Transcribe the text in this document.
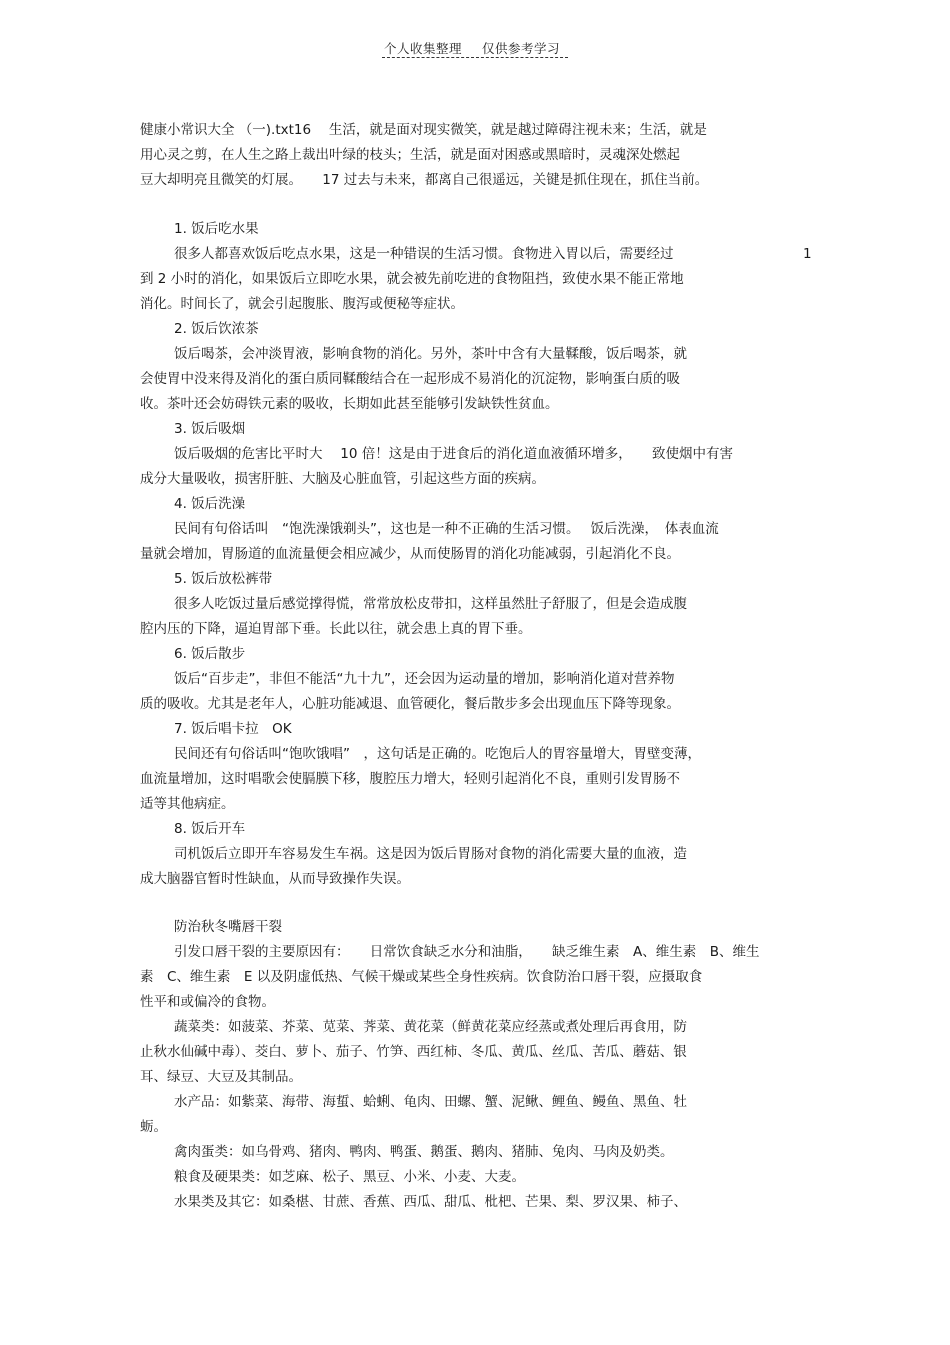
个人收集整理 仅供参考学习
健康小常识大全 （一).txt16　 生活，就是面对现实微笑，就是越过障碍注视未来；生活，就是
用心灵之剪，在人生之路上裁出叶绿的枝头；生活，就是面对困惑或黑暗时，灵魂深处燃起
豆大却明亮且微笑的灯展。　　17 过去与未来，都离自己很遥远，关键是抓住现在，抓住当前。
1. 饭后吃水果
很多人都喜欢饭后吃点水果，这是一种错误的生活习惯。食物进入胃以后，需要经过	1
到 2 小时的消化，如果饭后立即吃水果，就会被先前吃进的食物阻挡，致使水果不能正常地
消化。时间长了，就会引起腹胀、腹泻或便秘等症状。
2. 饭后饮浓茶
饭后喝茶，会冲淡胃液，影响食物的消化。另外，茶叶中含有大量鞣酸，饭后喝茶，就
会使胃中没来得及消化的蛋白质同鞣酸结合在一起形成不易消化的沉淀物，影响蛋白质的吸
收。茶叶还会妨碍铁元素的吸收，长期如此甚至能够引发缺铁性贫血。
3. 饭后吸烟
饭后吸烟的危害比平时大　 10 倍！这是由于进食后的消化道血液循环增多，　　致使烟中有害
成分大量吸收，损害肝脏、大脑及心脏血管，引起这些方面的疾病。
4. 饭后洗澡
民间有句俗话叫　“饱洗澡饿剃头”，这也是一种不正确的生活习惯。　 饭后洗澡，　体表血流
量就会增加，胃肠道的血流量便会相应减少，从而使肠胃的消化功能减弱，引起消化不良。
5. 饭后放松裤带
很多人吃饭过量后感觉撑得慌，常常放松皮带扣，这样虽然肚子舒服了，但是会造成腹
腔内压的下降，逼迫胃部下垂。长此以往，就会患上真的胃下垂。
6. 饭后散步
饭后“百步走”，非但不能活“九十九”，还会因为运动量的增加，影响消化道对营养物
质的吸收。尤其是老年人，心脏功能减退、血管硬化，餐后散步多会出现血压下降等现象。
7. 饭后唱卡拉　OK
民间还有句俗话叫“饱吹饿唱”　，这句话是正确的。吃饱后人的胃容量增大，胃壁变薄，
血流量增加，这时唱歌会使膈膜下移，腹腔压力增大，轻则引起消化不良，重则引发胃肠不
适等其他病症。
8. 饭后开车
司机饭后立即开车容易发生车祸。这是因为饭后胃肠对食物的消化需要大量的血液，造
成大脑器官暂时性缺血，从而导致操作失误。
防治秋冬嘴唇干裂
引发口唇干裂的主要原因有：　　日常饮食缺乏水分和油脂，　　缺乏维生素　A、维生素　B、维生
素　C、维生素　E 以及阴虚低热、气候干燥或某些全身性疾病。饮食防治口唇干裂，应摄取食
性平和或偏冷的食物。
蔬菜类：如菠菜、芥菜、苋菜、荠菜、黄花菜（鲜黄花菜应经蒸或煮处理后再食用，防
止秋水仙碱中毒）、茭白、萝卜、茄子、竹笋、西红柿、冬瓜、黄瓜、丝瓜、苦瓜、蘑菇、银
耳、绿豆、大豆及其制品。
水产品：如紫菜、海带、海蜇、蛤蜊、龟肉、田螺、蟹、泥鳅、鲤鱼、鳗鱼、黑鱼、牡
蛎。
禽肉蛋类：如乌骨鸡、猪肉、鸭肉、鸭蛋、鹅蛋、鹅肉、猪肺、兔肉、马肉及奶类。
粮食及硬果类：如芝麻、松子、黑豆、小米、小麦、大麦。
水果类及其它：如桑椹、甘蔗、香蕉、西瓜、甜瓜、枇杷、芒果、梨、罗汉果、柿子、
